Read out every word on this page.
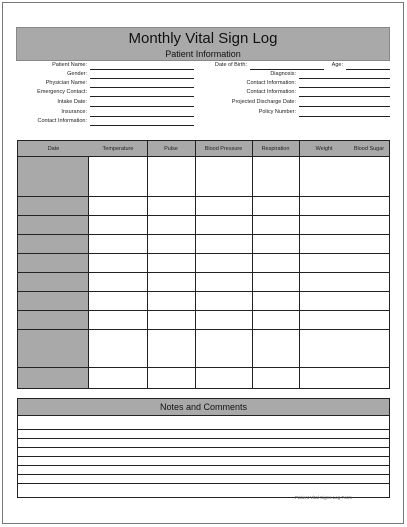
Monthly Vital Sign Log
Patient Information
Patient Name:
Gender:
Physician Name:
Emergency Contact:
Intake Date:
Insurance:
Contact Information:
Date of Birth:	Age:
Diagnosis:
Contact Information:
Contact Information:
Projected Discharge Date:
Policy Number:
Date	Temperature	Pulse	Blood Pressure	Respiration	Weight	Blood Sugar
Notes and Comments
Patient Vital Signs Log Form
